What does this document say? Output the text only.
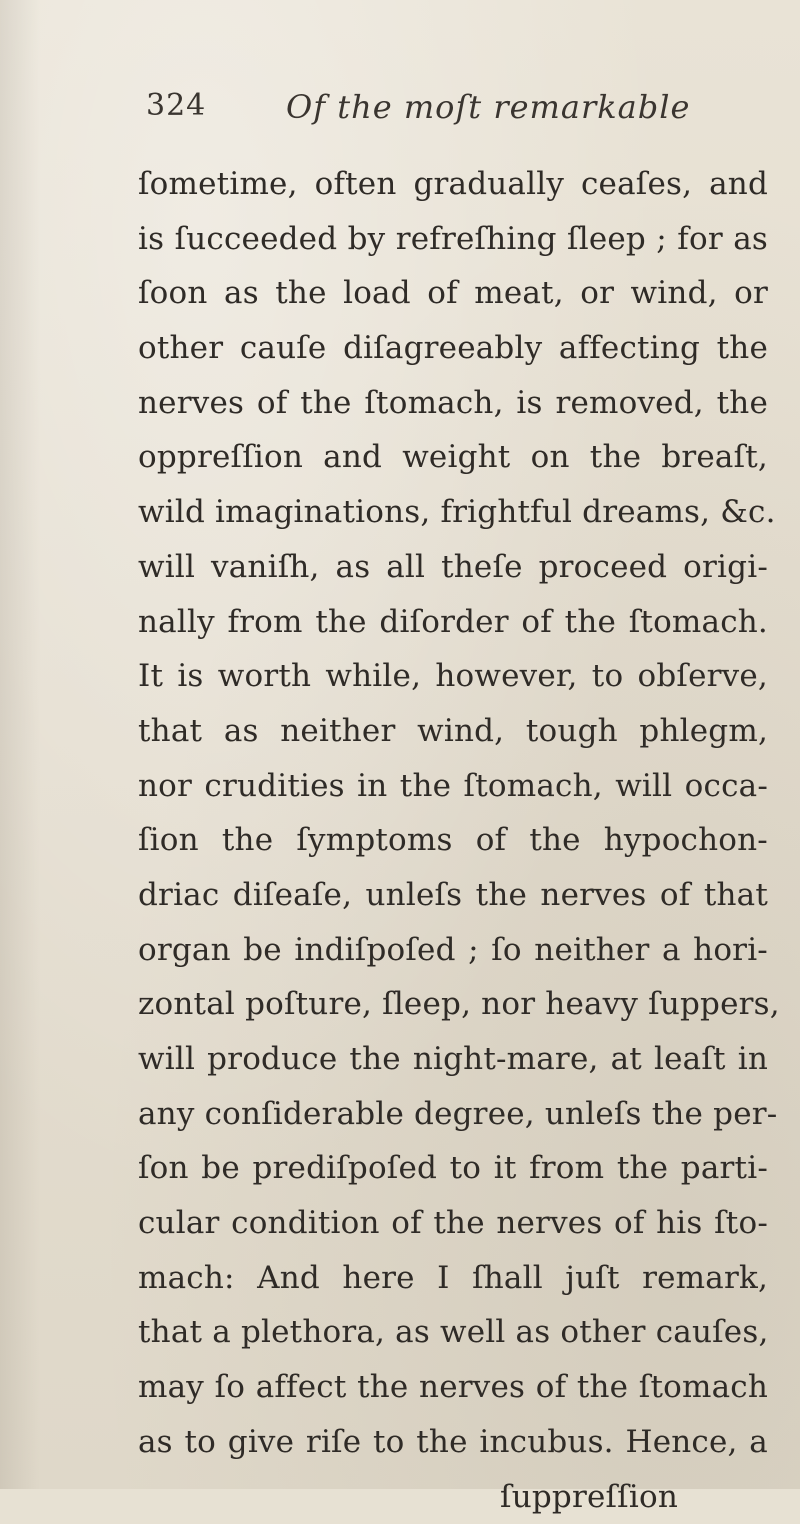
324 Of the moſt remarkable
ſometime, often gradually ceaſes, and
is ſucceeded by refreſhing ſleep ; for as
ſoon as the load of meat, or wind, or
other cauſe diſagreeably affecting the
nerves of the ſtomach, is removed, the
oppreſſion and weight on the breaſt,
wild imaginations, frightful dreams, &c.
will vaniſh, as all theſe proceed origi-
nally from the diſorder of the ſtomach.
It is worth while, however, to obſerve,
that as neither wind, tough phlegm,
nor crudities in the ſtomach, will occa-
ſion the ſymptoms of the hypochon-
driac diſeaſe, unleſs the nerves of that
organ be indiſpoſed ; ſo neither a hori-
zontal poſture, ſleep, nor heavy ſuppers,
will produce the night-mare, at leaſt in
any conſiderable degree, unleſs the per-
ſon be prediſpoſed to it from the parti-
cular condition of the nerves of his ſto-
mach: And here I ſhall juſt remark,
that a plethora, as well as other cauſes,
may ſo affect the nerves of the ſtomach
as to give riſe to the incubus. Hence, a
ſuppreſſion
